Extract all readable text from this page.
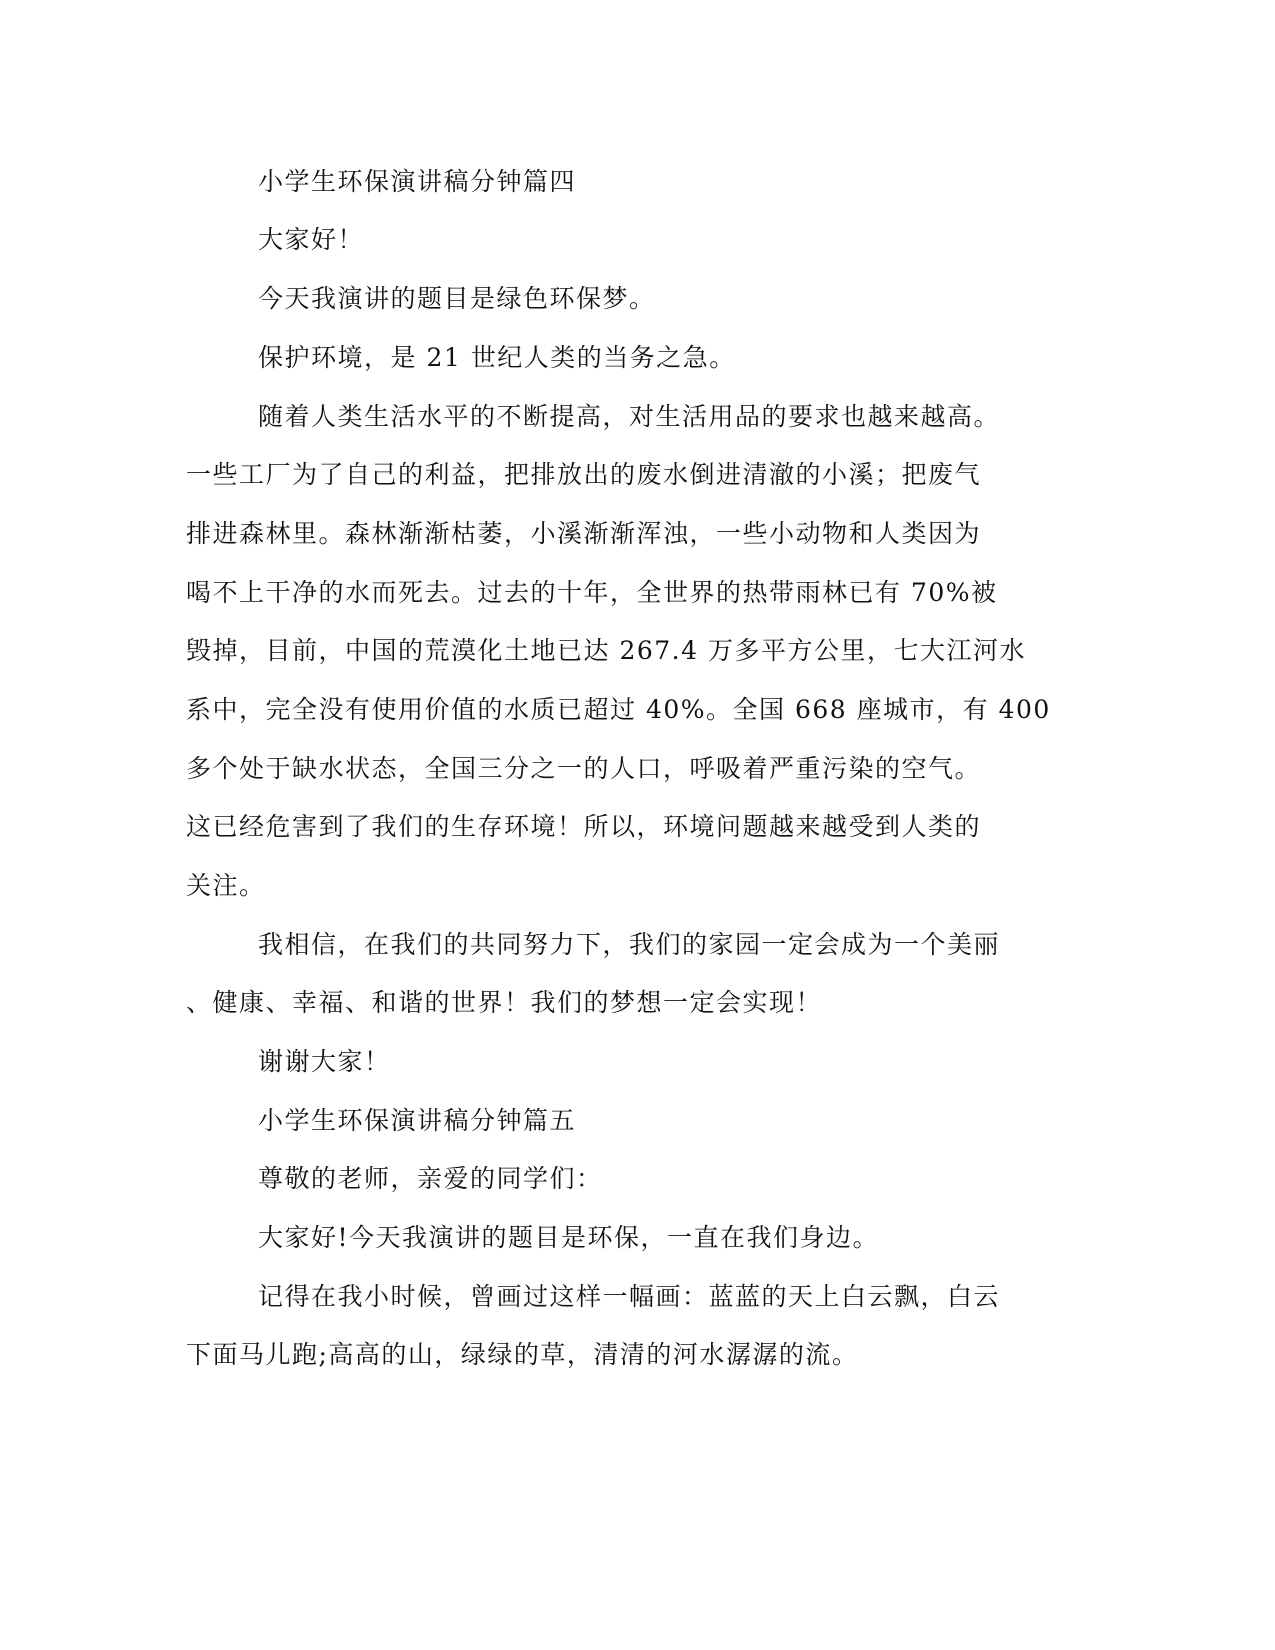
小学生环保演讲稿分钟篇四

大家好！

今天我演讲的题目是绿色环保梦。

保护环境，是 21 世纪人类的当务之急。

随着人类生活水平的不断提高，对生活用品的要求也越来越高。

一些工厂为了自己的利益，把排放出的废水倒进清澈的小溪；把废气

排进森林里。森林渐渐枯萎，小溪渐渐浑浊，一些小动物和人类因为

喝不上干净的水而死去。过去的十年，全世界的热带雨林已有 70%被

毁掉，目前，中国的荒漠化土地已达 267.4 万多平方公里，七大江河水

系中，完全没有使用价值的水质已超过 40%。全国 668 座城市，有 400

多个处于缺水状态，全国三分之一的人口，呼吸着严重污染的空气。

这已经危害到了我们的生存环境！所以，环境问题越来越受到人类的

关注。

我相信，在我们的共同努力下，我们的家园一定会成为一个美丽

、健康、幸福、和谐的世界！我们的梦想一定会实现！

谢谢大家！

小学生环保演讲稿分钟篇五

尊敬的老师，亲爱的同学们：

大家好!今天我演讲的题目是环保，一直在我们身边。

记得在我小时候，曾画过这样一幅画：蓝蓝的天上白云飘，白云

下面马儿跑;高高的山，绿绿的草，清清的河水潺潺的流。
